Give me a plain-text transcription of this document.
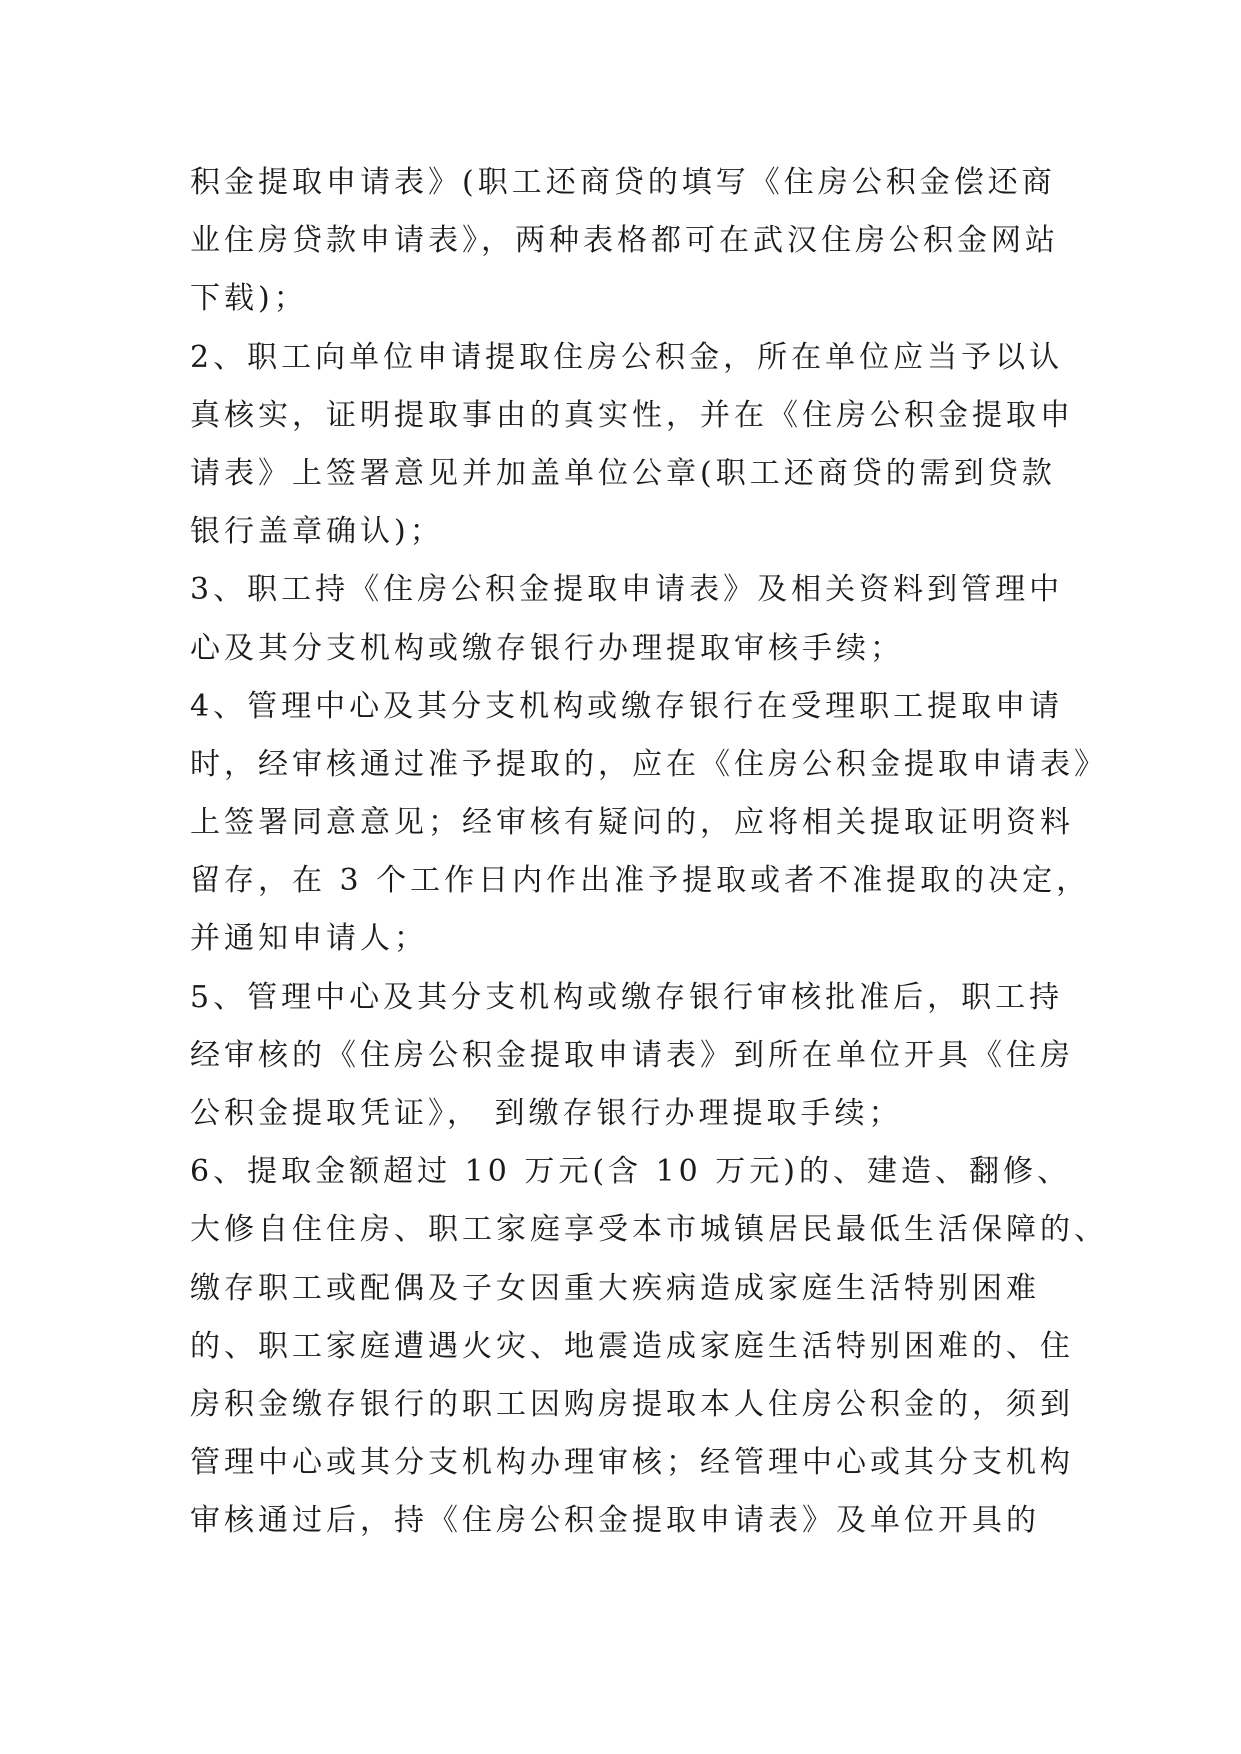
积金提取申请表》(职工还商贷的填写《住房公积金偿还商
业住房贷款申请表》，两种表格都可在武汉住房公积金网站
下载)；
2、职工向单位申请提取住房公积金，所在单位应当予以认
真核实，证明提取事由的真实性，并在《住房公积金提取申
请表》上签署意见并加盖单位公章(职工还商贷的需到贷款
银行盖章确认)；
3、职工持《住房公积金提取申请表》及相关资料到管理中
心及其分支机构或缴存银行办理提取审核手续；
4、管理中心及其分支机构或缴存银行在受理职工提取申请
时，经审核通过准予提取的，应在《住房公积金提取申请表》
上签署同意意见；经审核有疑问的，应将相关提取证明资料
留存，在 3 个工作日内作出准予提取或者不准提取的决定，
并通知申请人；
5、管理中心及其分支机构或缴存银行审核批准后，职工持
经审核的《住房公积金提取申请表》到所在单位开具《住房
公积金提取凭证》， 到缴存银行办理提取手续；
6、提取金额超过 10 万元(含 10 万元)的、建造、翻修、
大修自住住房、职工家庭享受本市城镇居民最低生活保障的、
缴存职工或配偶及子女因重大疾病造成家庭生活特别困难
的、职工家庭遭遇火灾、地震造成家庭生活特别困难的、住
房积金缴存银行的职工因购房提取本人住房公积金的，须到
管理中心或其分支机构办理审核；经管理中心或其分支机构
审核通过后，持《住房公积金提取申请表》及单位开具的
